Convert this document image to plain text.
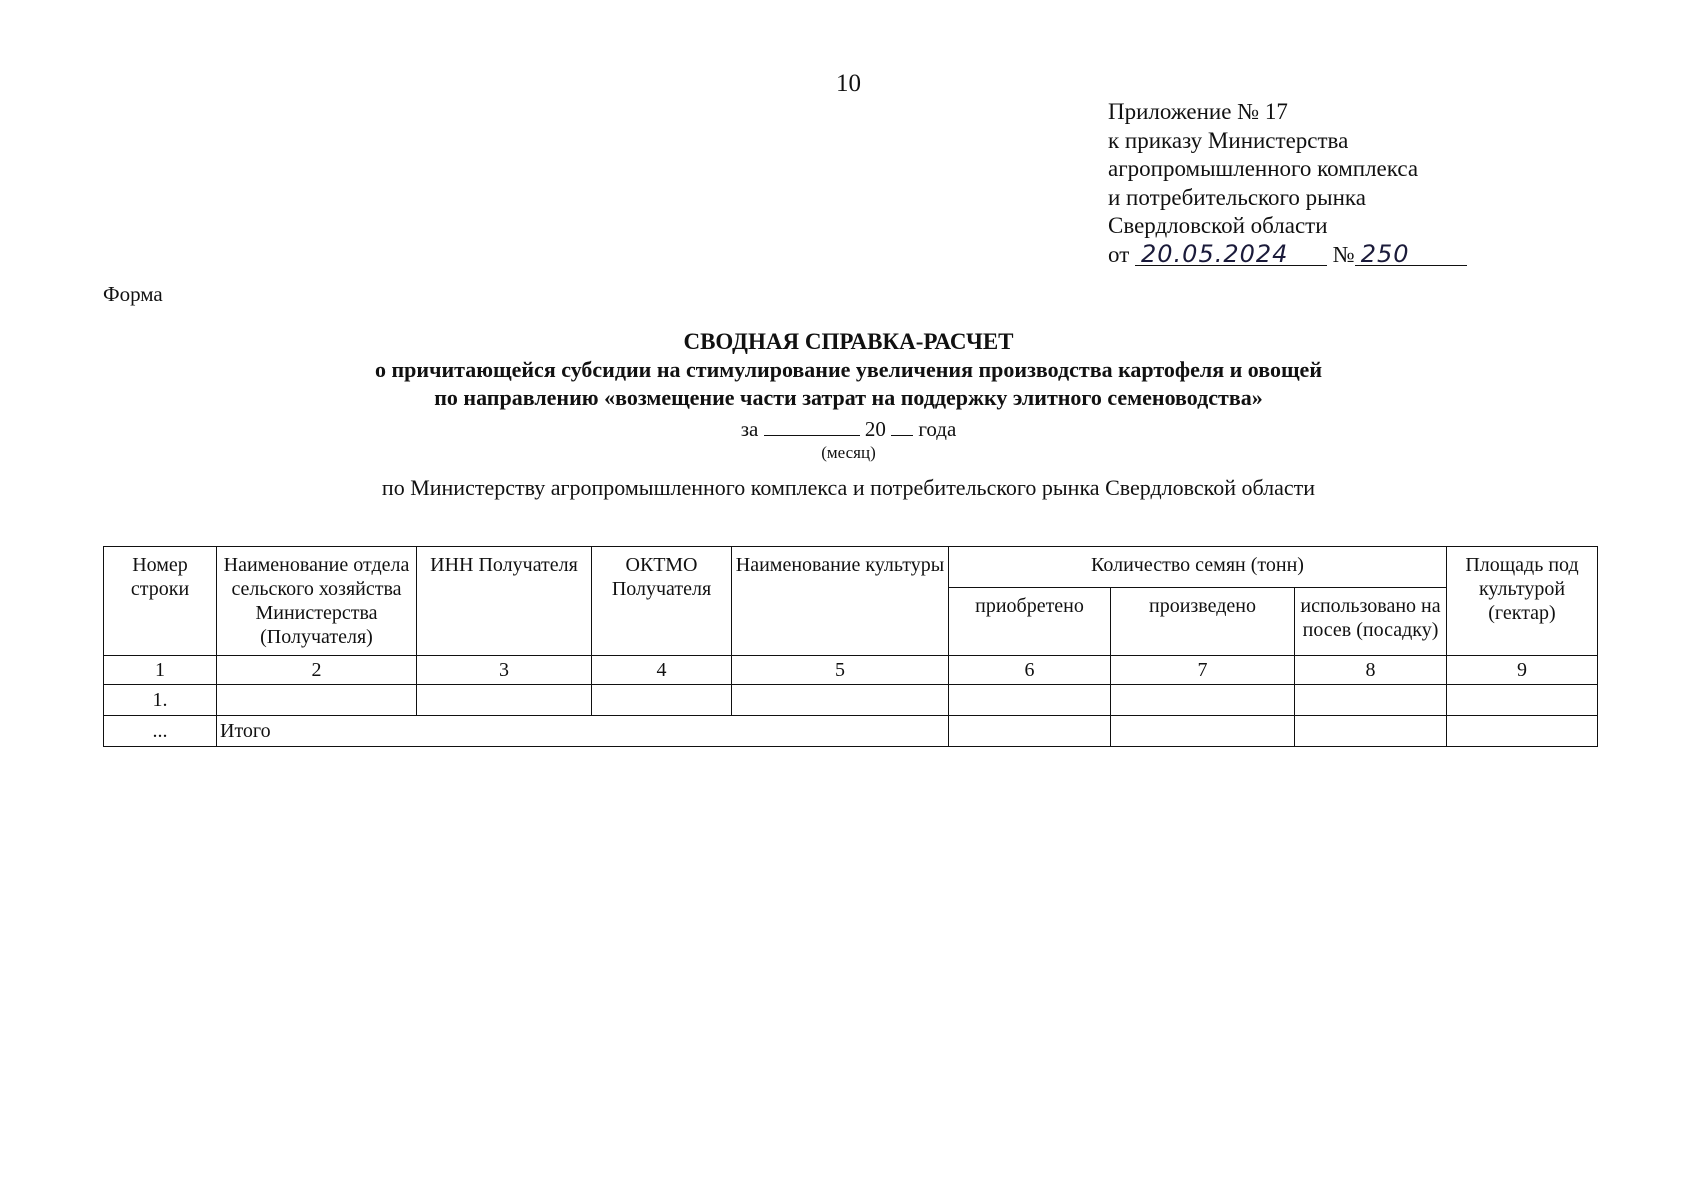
10
Приложение № 17
к приказу Министерства
агропромышленного комплекса
и потребительского рынка
Свердловской области
от 20.05.2024 № 250
Форма
СВОДНАЯ СПРАВКА-РАСЧЕТ
о причитающейся субсидии на стимулирование увеличения производства картофеля и овощей
по направлению «возмещение части затрат на поддержку элитного семеноводства»
за	20 года
(месяц)
по Министерству агропромышленного комплекса и потребительского рынка Свердловской области
Номер строки	Наименование отдела сельского хозяйства Министерства (Получателя)	ИНН Получателя	ОКТМО Получателя	Наименование культуры	Количество семян (тонн)			Площадь под культурой (гектар)
					приобретено	произведено	использовано на посев (посадку)	
1	2	3	4	5	6	7	8	9
1.								
...	Итого							
